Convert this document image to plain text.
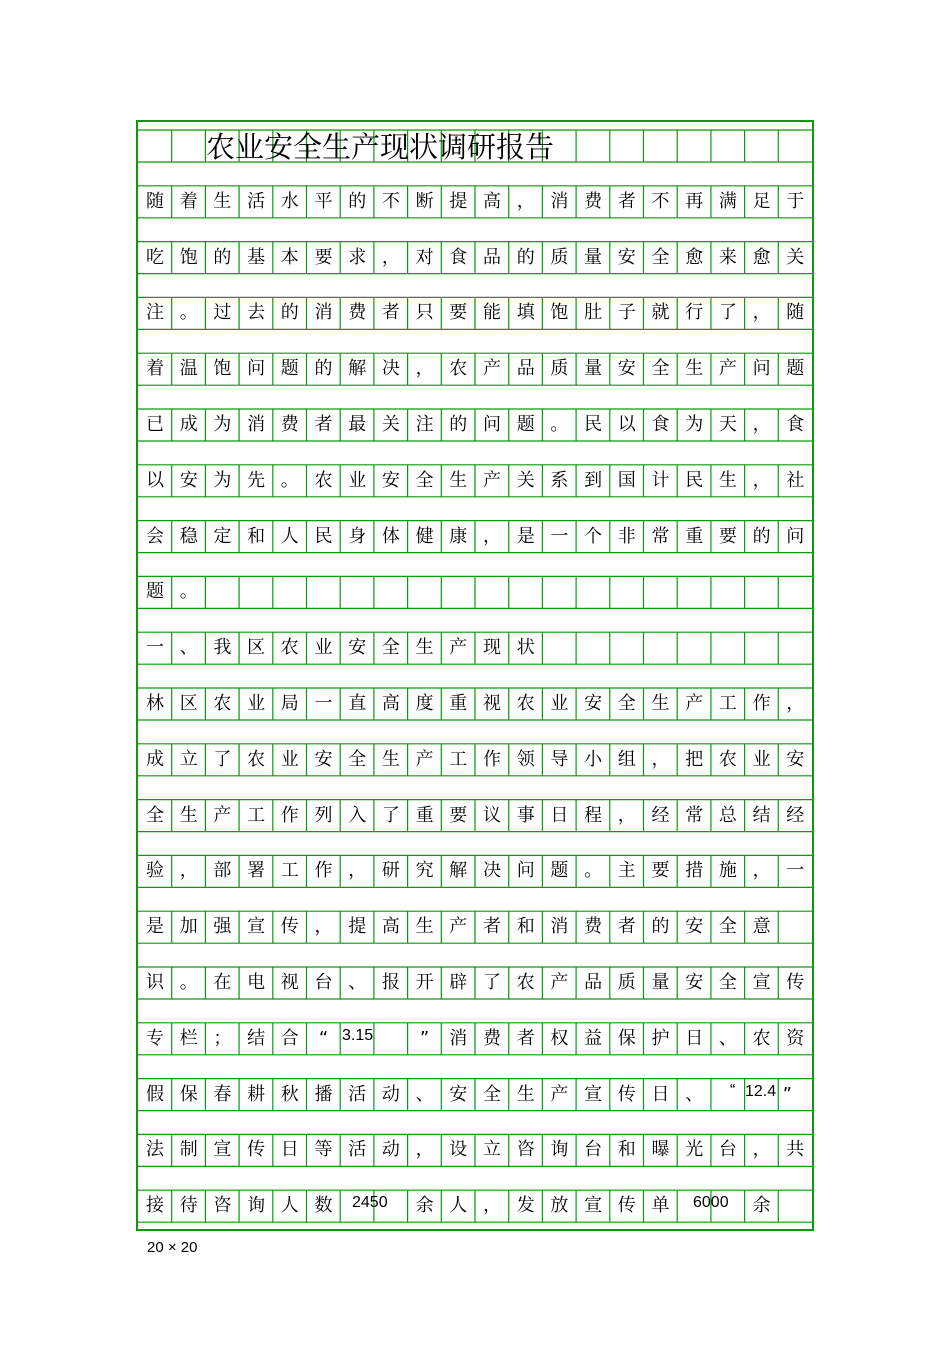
农业安全生产现状调研报告
随 着 生 活 水 平 的 不 断 提 高 ， 消 费 者 不 再 满 足 于
吃 饱 的 基 本 要 求 ， 对 食 品 的 质 量 安 全 愈 来 愈 关
注 。 过 去 的 消 费 者 只 要 能 填 饱 肚 子 就 行 了 ， 随
着 温 饱 问 题 的 解 决 ， 农 产 品 质 量 安 全 生 产 问 题
已 成 为 消 费 者 最 关 注 的 问 题 。 民 以 食 为 天 ， 食
以 安 为 先 。 农 业 安 全 生 产 关 系 到 国 计 民 生 ， 社
会 稳 定 和 人 民 身 体 健 康 ， 是 一 个 非 常 重 要 的 问
题 。
一 、 我 区 农 业 安 全 生 产 现 状
林 区 农 业 局 一 直 高 度 重 视 农 业 安 全 生 产 工 作 ，
成 立 了 农 业 安 全 生 产 工 作 领 导 小 组 ， 把 农 业 安
全 生 产 工 作 列 入 了 重 要 议 事 日 程 ， 经 常 总 结 经
验 ， 部 署 工 作 ， 研 究 解 决 问 题 。 主 要 措 施 ， 一
是 加 强 宣 传 ， 提 高 生 产 者 和 消 费 者 的 安 全 意
识 。 在 电 视 台 、 报 开 辟 了 农 产 品 质 量 安 全 宣 传
专 栏 ； 结 合	“	”	消 费 者 权 益 保 护 日 、 农 资
假 保 春 耕 秋 播 活 动 、 安 全 生 产 宣 传 日 、	”
法 制 宣 传 日 等 活 动 ， 设 立 咨 询 台 和 曝 光 台 ， 共
接 待 咨 询 人 数	余 人 ， 发 放 宣 传 单	余
3.15
“ 12.4
2450	6000
20 × 20
